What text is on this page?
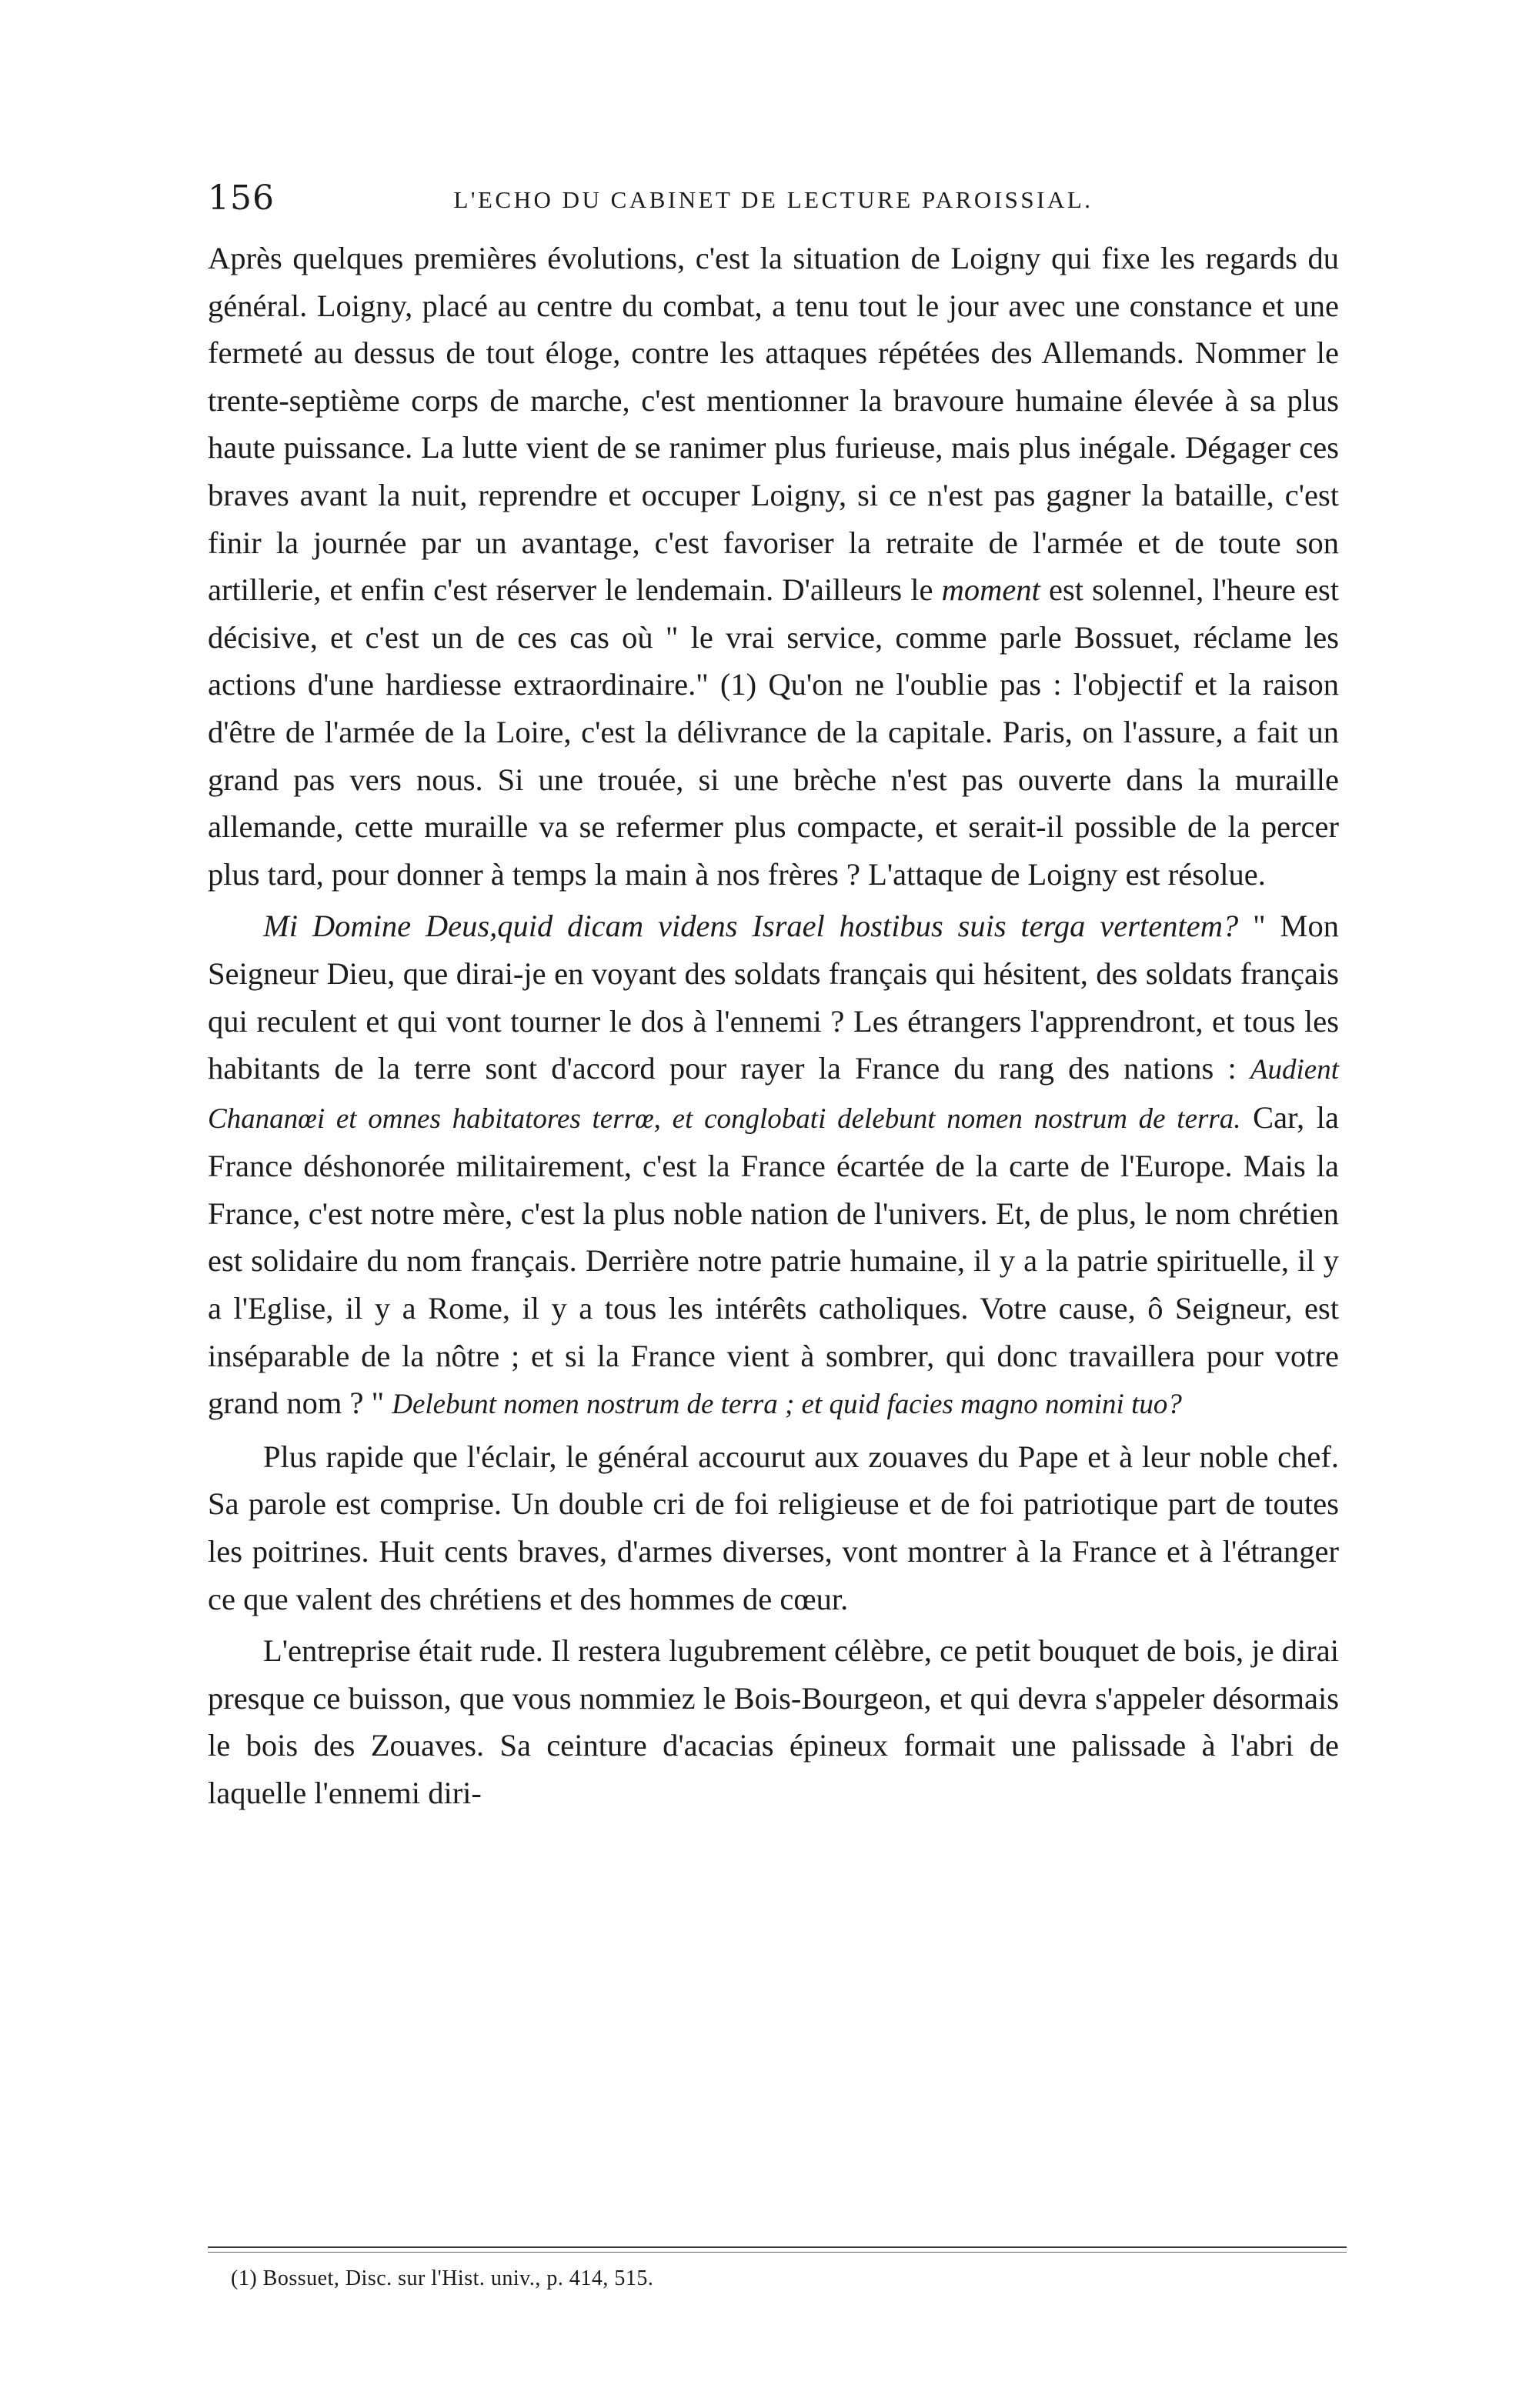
156	L'ECHO DU CABINET DE LECTURE PAROISSIAL.

Après quelques premières évolutions, c'est la situation de Loigny qui fixe les regards du général. Loigny, placé au centre du combat, a tenu tout le jour avec une constance et une fermeté au dessus de tout éloge, contre les attaques répétées des Allemands. Nommer le trente-septième corps de marche, c'est mentionner la bravoure humaine élevée à sa plus haute puissance. La lutte vient de se ranimer plus furieuse, mais plus inégale. Dégager ces braves avant la nuit, reprendre et occuper Loigny, si ce n'est pas gagner la bataille, c'est finir la journée par un avantage, c'est favoriser la retraite de l'armée et de toute son artillerie, et enfin c'est réserver le lendemain. D'ailleurs le moment est solennel, l'heure est décisive, et c'est un de ces cas où " le vrai service, comme parle Bossuet, réclame les actions d'une hardiesse extraordinaire." (1) Qu'on ne l'oublie pas : l'objectif et la raison d'être de l'armée de la Loire, c'est la délivrance de la capitale. Paris, on l'assure, a fait un grand pas vers nous. Si une trouée, si une brèche n'est pas ouverte dans la muraille allemande, cette muraille va se refermer plus compacte, et serait-il possible de la percer plus tard, pour donner à temps la main à nos frères ? L'attaque de Loigny est résolue.

Mi Domine Deus,quid dicam videns Israel hostibus suis terga vertentem? " Mon Seigneur Dieu, que dirai-je en voyant des soldats français qui hésitent, des soldats français qui reculent et qui vont tourner le dos à l'ennemi ? Les étrangers l'apprendront, et tous les habitants de la terre sont d'accord pour rayer la France du rang des nations : Audient Chananœi et omnes habitatores terrœ, et conglobati delebunt nomen nostrum de terra. Car, la France déshonorée militairement, c'est la France écartée de la carte de l'Europe. Mais la France, c'est notre mère, c'est la plus noble nation de l'univers. Et, de plus, le nom chrétien est solidaire du nom français. Derrière notre patrie humaine, il y a la patrie spirituelle, il y a l'Eglise, il y a Rome, il y a tous les intérêts catholiques. Votre cause, ô Seigneur, est inséparable de la nôtre ; et si la France vient à sombrer, qui donc travaillera pour votre grand nom ? " Delebunt nomen nostrum de terra ; et quid facies magno nomini tuo?

Plus rapide que l'éclair, le général accourut aux zouaves du Pape et à leur noble chef. Sa parole est comprise. Un double cri de foi religieuse et de foi patriotique part de toutes les poitrines. Huit cents braves, d'armes diverses, vont montrer à la France et à l'étranger ce que valent des chrétiens et des hommes de cœur.

L'entreprise était rude. Il restera lugubrement célèbre, ce petit bouquet de bois, je dirai presque ce buisson, que vous nommiez le Bois-Bourgeon, et qui devra s'appeler désormais le bois des Zouaves. Sa ceinture d'acacias épineux formait une palissade à l'abri de laquelle l'ennemi diri-

(1) Bossuet, Disc. sur l'Hist. univ., p. 414, 515.
